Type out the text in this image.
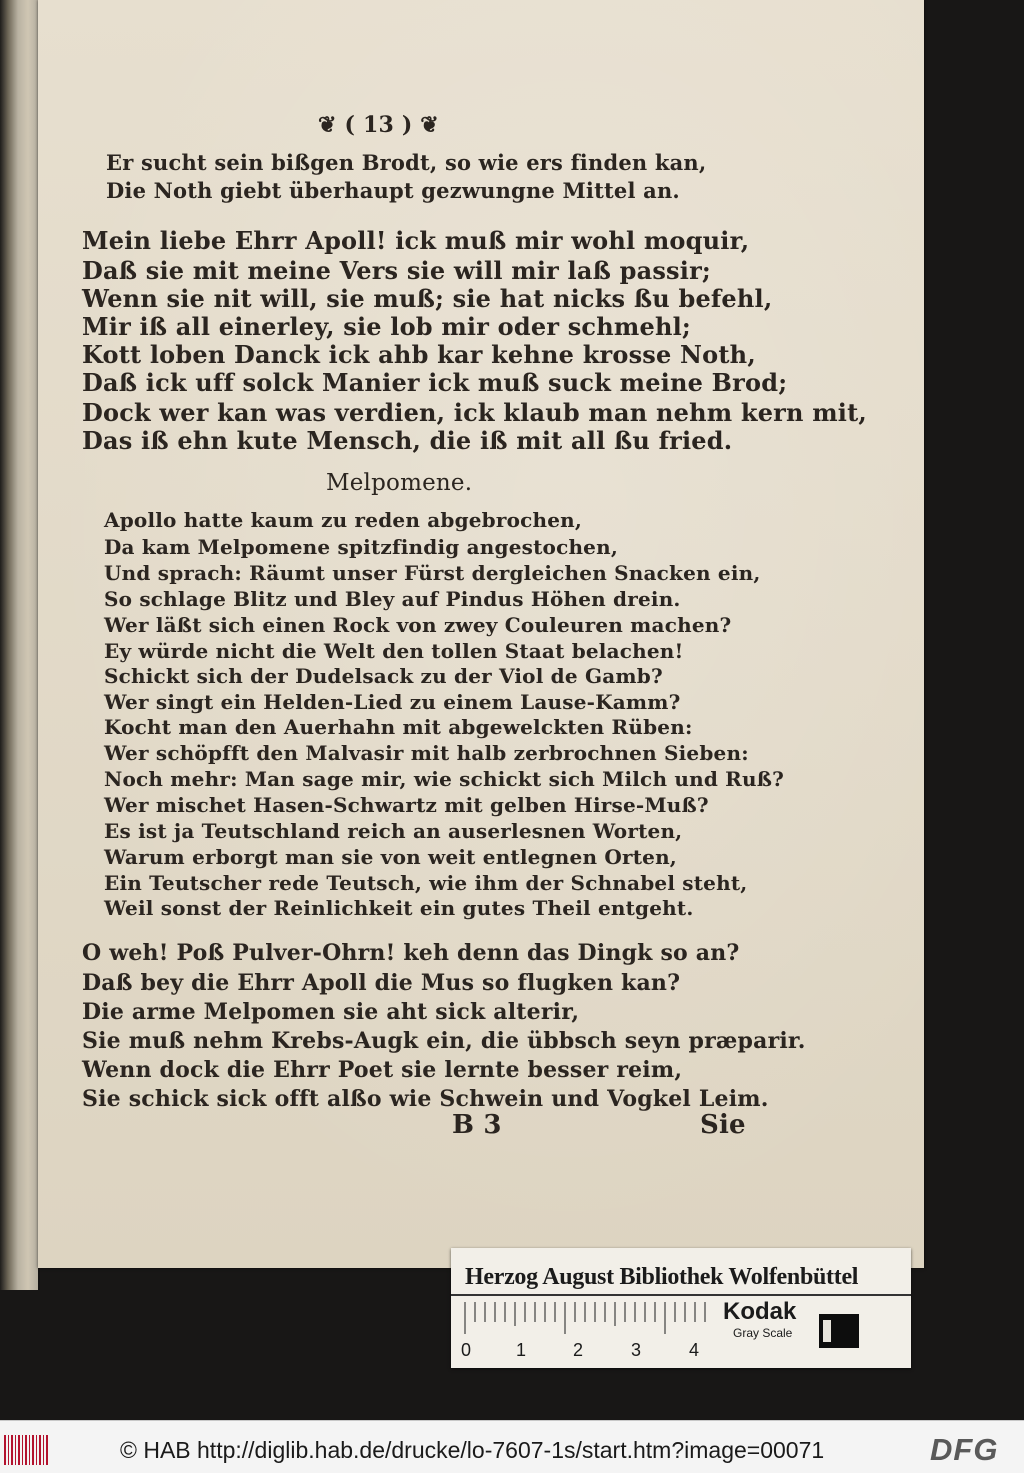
❦ ( 13 ) ❦
Er sucht sein bißgen Brodt, so wie ers finden kan,
Die Noth giebt überhaupt gezwungne Mittel an.
Mein liebe Ehrr Apoll! ick muß mir wohl moquir,
Daß sie mit meine Vers sie will mir laß passir;
Wenn sie nit will, sie muß; sie hat nicks ßu befehl,
Mir iß all einerley, sie lob mir oder schmehl;
Kott loben Danck ick ahb kar kehne krosse Noth,
Daß ick uff solck Manier ick muß suck meine Brod;
Dock wer kan was verdien, ick klaub man nehm kern mit,
Das iß ehn kute Mensch, die iß mit all ßu fried.
Melpomene.
Apollo hatte kaum zu reden abgebrochen,
Da kam Melpomene spitzfindig angestochen,
Und sprach: Räumt unser Fürst dergleichen Snacken ein,
So schlage Blitz und Bley auf Pindus Höhen drein.
Wer läßt sich einen Rock von zwey Couleuren machen?
Ey würde nicht die Welt den tollen Staat belachen!
Schickt sich der Dudelsack zu der Viol de Gamb?
Wer singt ein Helden-Lied zu einem Lause-Kamm?
Kocht man den Auerhahn mit abgewelckten Rüben:
Wer schöpfft den Malvasir mit halb zerbrochnen Sieben:
Noch mehr: Man sage mir, wie schickt sich Milch und Ruß?
Wer mischet Hasen-Schwartz mit gelben Hirse-Muß?
Es ist ja Teutschland reich an auserlesnen Worten,
Warum erborgt man sie von weit entlegnen Orten,
Ein Teutscher rede Teutsch, wie ihm der Schnabel steht,
Weil sonst der Reinlichkeit ein gutes Theil entgeht.
O weh! Poß Pulver-Ohrn! keh denn das Dingk so an?
Daß bey die Ehrr Apoll die Mus so flugken kan?
Die arme Melpomen sie aht sick alterir,
Sie muß nehm Krebs-Augk ein, die übbsch seyn præparir.
Wenn dock die Ehrr Poet sie lernte besser reim,
Sie schick sick offt alßo wie Schwein und Vogkel Leim.
B 3	Sie
Herzog August Bibliothek Wolfenbüttel
0 1	2	3	4
Kodak
Gray Scale
© HAB http://diglib.hab.de/drucke/lo-7607-1s/start.htm?image=00071	DFG
